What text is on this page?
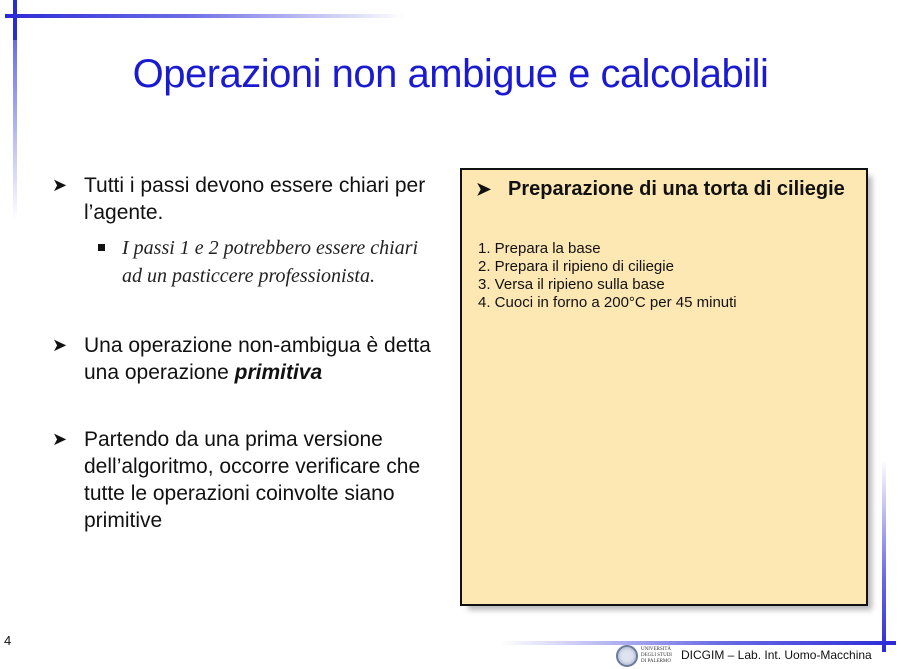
Operazioni non ambigue e calcolabili
➤ Tutti i passi devono essere chiari per l’agente.
I passi 1 e 2 potrebbero essere chiari ad un pasticcere professionista.
➤ Una operazione non-ambigua è detta una operazione primitiva
➤ Partendo da una prima versione dell’algoritmo, occorre verificare che tutte le operazioni coinvolte siano primitive
➤ Preparazione di una torta di ciliegie
1. Prepara la base
2. Prepara il ripieno di ciliegie
3. Versa il ripieno sulla base
4. Cuoci in forno a 200°C per 45 minuti
4
UNIVERSITÀ DEGLI STUDI DI PALERMO DICGIM – Lab. Int. Uomo-Macchina
